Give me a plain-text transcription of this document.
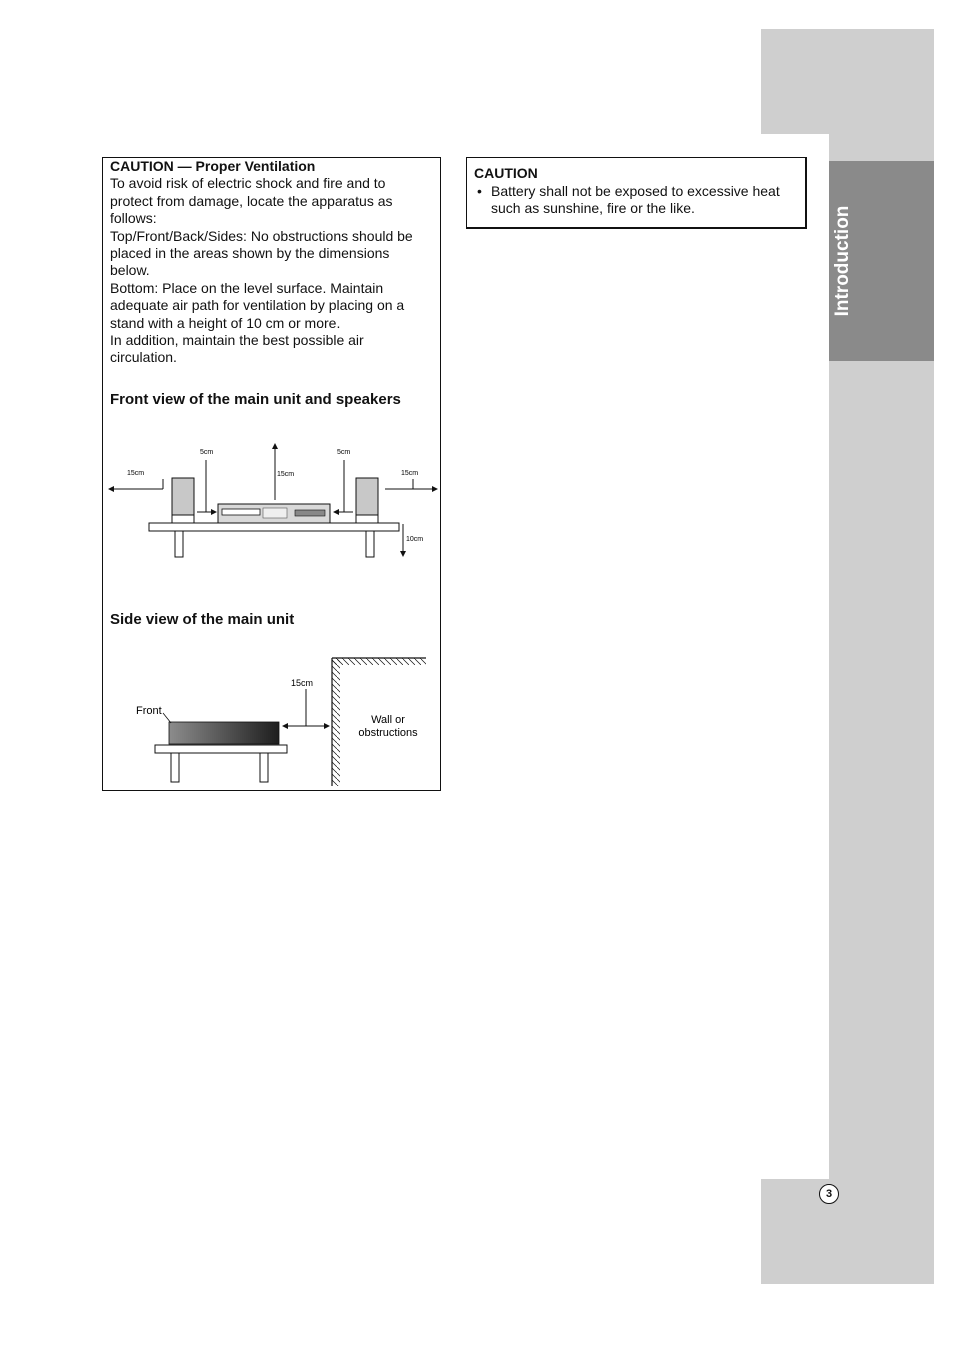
Introduction
3

CAUTION — Proper Ventilation

To avoid risk of electric shock and fire and to protect from damage, locate the apparatus as follows:

Top/Front/Back/Sides: No obstructions should be placed in the areas shown by the dimensions below.

Bottom: Place on the level surface. Maintain adequate air path for ventilation by placing on a stand with a height of 10 cm or more.

In addition, maintain the best possible air circulation.

Front view of the main unit and speakers
15cm
5cm
15cm
5cm
15cm
10cm
Side view of the main unit
15cm
Front
Wall or
obstructions
CAUTION
• Battery shall not be exposed to excessive heat
such as sunshine, fire or the like.
